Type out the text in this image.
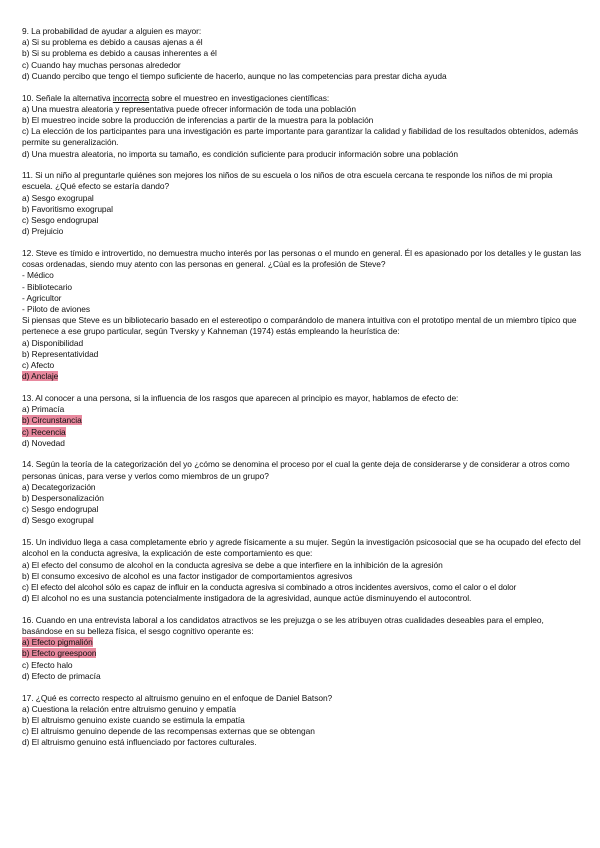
9. La probabilidad de ayudar a alguien es mayor:
a) Si su problema es debido a causas ajenas a él
b) Si su problema es debido a causas inherentes a él
c) Cuando hay muchas personas alrededor
d) Cuando percibo que tengo el tiempo suficiente de hacerlo, aunque no las competencias para prestar dicha ayuda
10. Señale la alternativa incorrecta sobre el muestreo en investigaciones científicas:
a) Una muestra aleatoria y representativa puede ofrecer información de toda una población
b) El muestreo incide sobre la producción de inferencias a partir de la muestra para la población
c) La elección de los participantes para una investigación es parte importante para garantizar la calidad y fiabilidad de los resultados obtenidos, además permite su generalización.
d) Una muestra aleatoria, no importa su tamaño, es condición suficiente para producir información sobre una población
11. Si un niño al preguntarle quiénes son mejores los niños de su escuela o los niños de otra escuela cercana te responde los niños de mi propia escuela. ¿Qué efecto se estaría dando?
a) Sesgo exogrupal
b) Favoritismo exogrupal
c) Sesgo endogrupal
d) Prejuicio
12. Steve es tímido e introvertido, no demuestra mucho interés por las personas o el mundo en general. Él es apasionado por los detalles y le gustan las cosas ordenadas, siendo muy atento con las personas en general. ¿Cúal es la profesión de Steve?
- Médico
- Bibliotecario
- Agricultor
- Piloto de aviones
Si piensas que Steve es un bibliotecario basado en el estereotipo o comparándolo de manera intuitiva con el prototipo mental de un miembro típico que pertenece a ese grupo particular, según Tversky y Kahneman (1974) estás empleando la heurística de:
a) Disponibilidad
b) Representatividad
c) Afecto
d) Anclaje
13. Al conocer a una persona, si la influencia de los rasgos que aparecen al principio es mayor, hablamos de efecto de:
a) Primacía
b) Circunstancia
c) Recencia
d) Novedad
14. Según la teoría de la categorización del yo ¿cómo se denomina el proceso por el cual la gente deja de considerarse y de considerar a otros como personas únicas, para verse y verlos como miembros de un grupo?
a) Decategorización
b) Despersonalización
c) Sesgo endogrupal
d) Sesgo exogrupal
15. Un individuo llega a casa completamente ebrio y agrede físicamente a su mujer. Según la investigación psicosocial que se ha ocupado del efecto del alcohol en la conducta agresiva, la explicación de este comportamiento es que:
a) El efecto del consumo de alcohol en la conducta agresiva se debe a que interfiere en la inhibición de la agresión
b) El consumo excesivo de alcohol es una factor instigador de comportamientos agresivos
c) El efecto del alcohol sólo es capaz de influir en la conducta agresiva si combinado a otros incidentes aversivos, como el calor o el dolor
d) El alcohol no es una sustancia potencialmente instigadora de la agresividad, aunque actúe disminuyendo el autocontrol.
16. Cuando en una entrevista laboral a los candidatos atractivos se les prejuzga o se les atribuyen otras cualidades deseables para el empleo, basándose en su belleza física, el sesgo cognitivo operante es:
a) Efecto pigmalión
b) Efecto greespoon
c) Efecto halo
d) Efecto de primacía
17. ¿Qué es correcto respecto al altruismo genuino en el enfoque de Daniel Batson?
a) Cuestiona la relación entre altruismo genuino y empatía
b) El altruismo genuino existe cuando se estimula la empatía
c) El altruismo genuino depende de las recompensas externas que se obtengan
d) El altruismo genuino está influenciado por factores culturales.
